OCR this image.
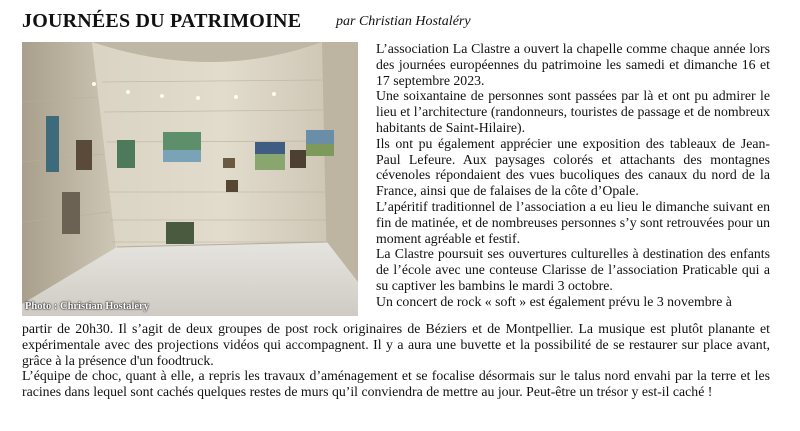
JOURNÉES DU PATRIMOINE par Christian Hostaléry
Photo : Christian Hostaléry

L’association La Clastre a ouvert la chapelle comme chaque année lors des journées européennes du patrimoine les samedi et dimanche 16 et 17 septembre 2023.

Une soixantaine de personnes sont passées par là et ont pu admirer le lieu et l’architecture (randonneurs, touristes de passage et de nombreux habitants de Saint-Hilaire).

Ils ont pu également apprécier une exposition des tableaux de Jean-Paul Lefeure. Aux paysages colorés et attachants des montagnes cévenoles répondaient des vues bucoliques des canaux du nord de la France, ainsi que de falaises de la côte d’Opale.

L’apéritif traditionnel de l’association a eu lieu le dimanche suivant en fin de matinée, et de nombreuses personnes s’y sont retrouvées pour un moment agréable et festif.

La Clastre poursuit ses ouvertures culturelles à destination des enfants de l’école avec une conteuse Clarisse de l’association Praticable qui a su captiver les bambins le mardi 3 octobre.

Un concert de rock « soft » est également prévu le 3 novembre à

partir de 20h30. Il s’agit de deux groupes de post rock originaires de Béziers et de Montpellier. La musique est plutôt planante et expérimentale avec des projections vidéos qui accompagnent. Il y a aura une buvette et la possibilité de se restaurer sur place avant, grâce à la présence d'un foodtruck.

L’équipe de choc, quant à elle, a repris les travaux d’aménagement et se focalise désormais sur le talus nord envahi par la terre et les racines dans lequel sont cachés quelques restes de murs qu’il conviendra de mettre au jour. Peut-être un trésor y est-il caché !
